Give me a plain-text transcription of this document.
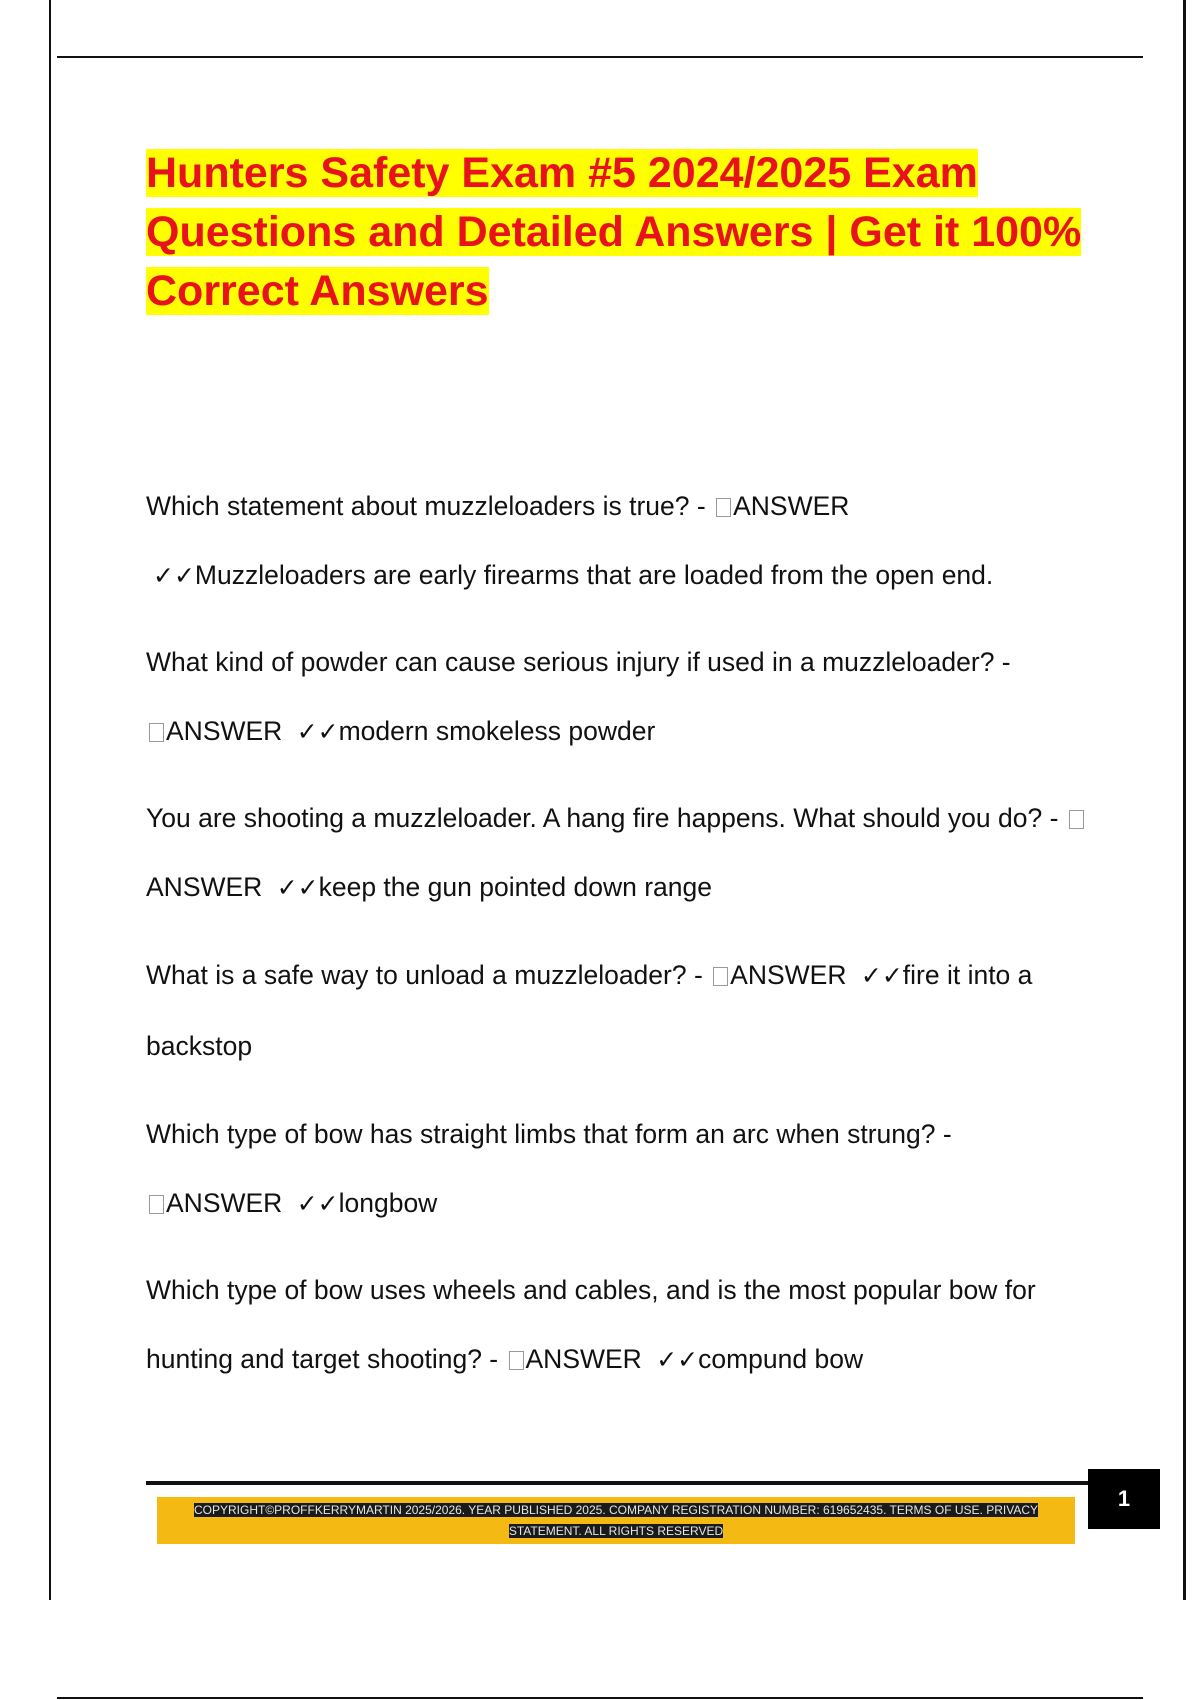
Hunters Safety Exam #5 2024/2025 Exam Questions and Detailed Answers | Get it 100% Correct Answers

Which statement about muzzleloaders is true? - ANSWER
✓✓Muzzleloaders are early firearms that are loaded from the open end.

What kind of powder can cause serious injury if used in a muzzleloader? -
ANSWER ✓✓modern smokeless powder

You are shooting a muzzleloader. A hang fire happens. What should you do? - ANSWER ✓✓keep the gun pointed down range

What is a safe way to unload a muzzleloader? - ANSWER ✓✓fire it into a backstop

Which type of bow has straight limbs that form an arc when strung? -
ANSWER ✓✓longbow

Which type of bow uses wheels and cables, and is the most popular bow for hunting and target shooting? - ANSWER ✓✓compund bow

1

COPYRIGHT©PROFFKERRYMARTIN 2025/2026. YEAR PUBLISHED 2025. COMPANY REGISTRATION NUMBER: 619652435. TERMS OF USE. PRIVACY STATEMENT. ALL RIGHTS RESERVED
